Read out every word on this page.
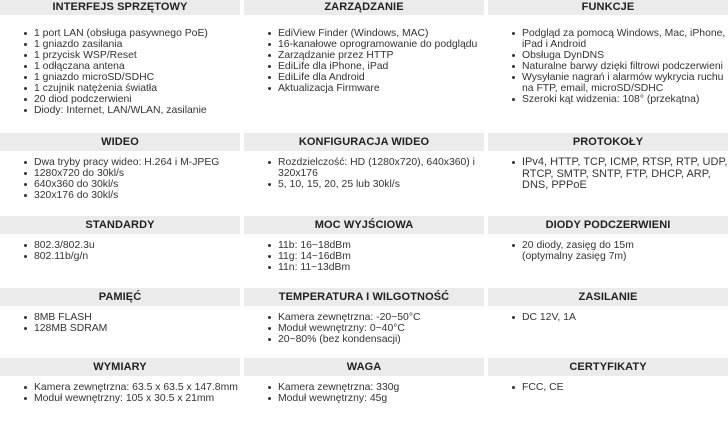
INTERFEJS SPRZĘTOWY
1 port LAN (obsługa pasywnego PoE)
1 gniazdo zasilania
1 przycisk WSP/Reset
1 odłączana antena
1 gniazdo microSD/SDHC
1 czujnik natężenia światła
20 diod podczerwieni
Diody: Internet, LAN/WLAN, zasilanie
ZARZĄDZANIE
EdiView Finder (Windows, MAC)
16-kanałowe oprogramowanie do podglądu
Zarządzanie przez HTTP
EdiLife dla iPhone, iPad
EdiLife dla Android
Aktualizacja Firmware
FUNKCJE
Podgląd za pomocą Windows, Mac, iPhone, iPad i Android
Obsługa DynDNS
Naturalne barwy dzięki filtrowi podczerwieni
Wysyłanie nagrań i alarmów wykrycia ruchu na FTP, email, microSD/SDHC
Szeroki kąt widzenia: 108° (przekątna)
WIDEO
Dwa tryby pracy wideo: H.264 i M-JPEG
1280x720 do 30kl/s
640x360 do 30kl/s
320x176 do 30kl/s
KONFIGURACJA WIDEO
Rozdzielczość: HD (1280x720), 640x360) i 320x176
5, 10, 15, 20, 25 lub 30kl/s
PROTOKOŁY
IPv4, HTTP, TCP, ICMP, RTSP, RTP, UDP, RTCP, SMTP, SNTP, FTP, DHCP, ARP, DNS, PPPoE
STANDARDY
802.3/802.3u
802.11b/g/n
MOC WYJŚCIOWA
11b: 16~18dBm
11g: 14~16dBm
11n: 11~13dBm
DIODY PODCZERWIENI
20 diody, zasięg do 15m (optymalny zasięg 7m)
PAMIĘĆ
8MB FLASH
128MB SDRAM
TEMPERATURA I WILGOTNOŚĆ
Kamera zewnętrzna: -20~50°C
Moduł wewnętrzny: 0~40°C
20~80% (bez kondensacji)
ZASILANIE
DC 12V, 1A
WYMIARY
Kamera zewnętrzna: 63.5 x 63.5 x 147.8mm
Moduł wewnętrzny: 105 x 30.5 x 21mm
WAGA
Kamera zewnętrzna: 330g
Moduł wewnętrzny: 45g
CERTYFIKATY
FCC, CE
